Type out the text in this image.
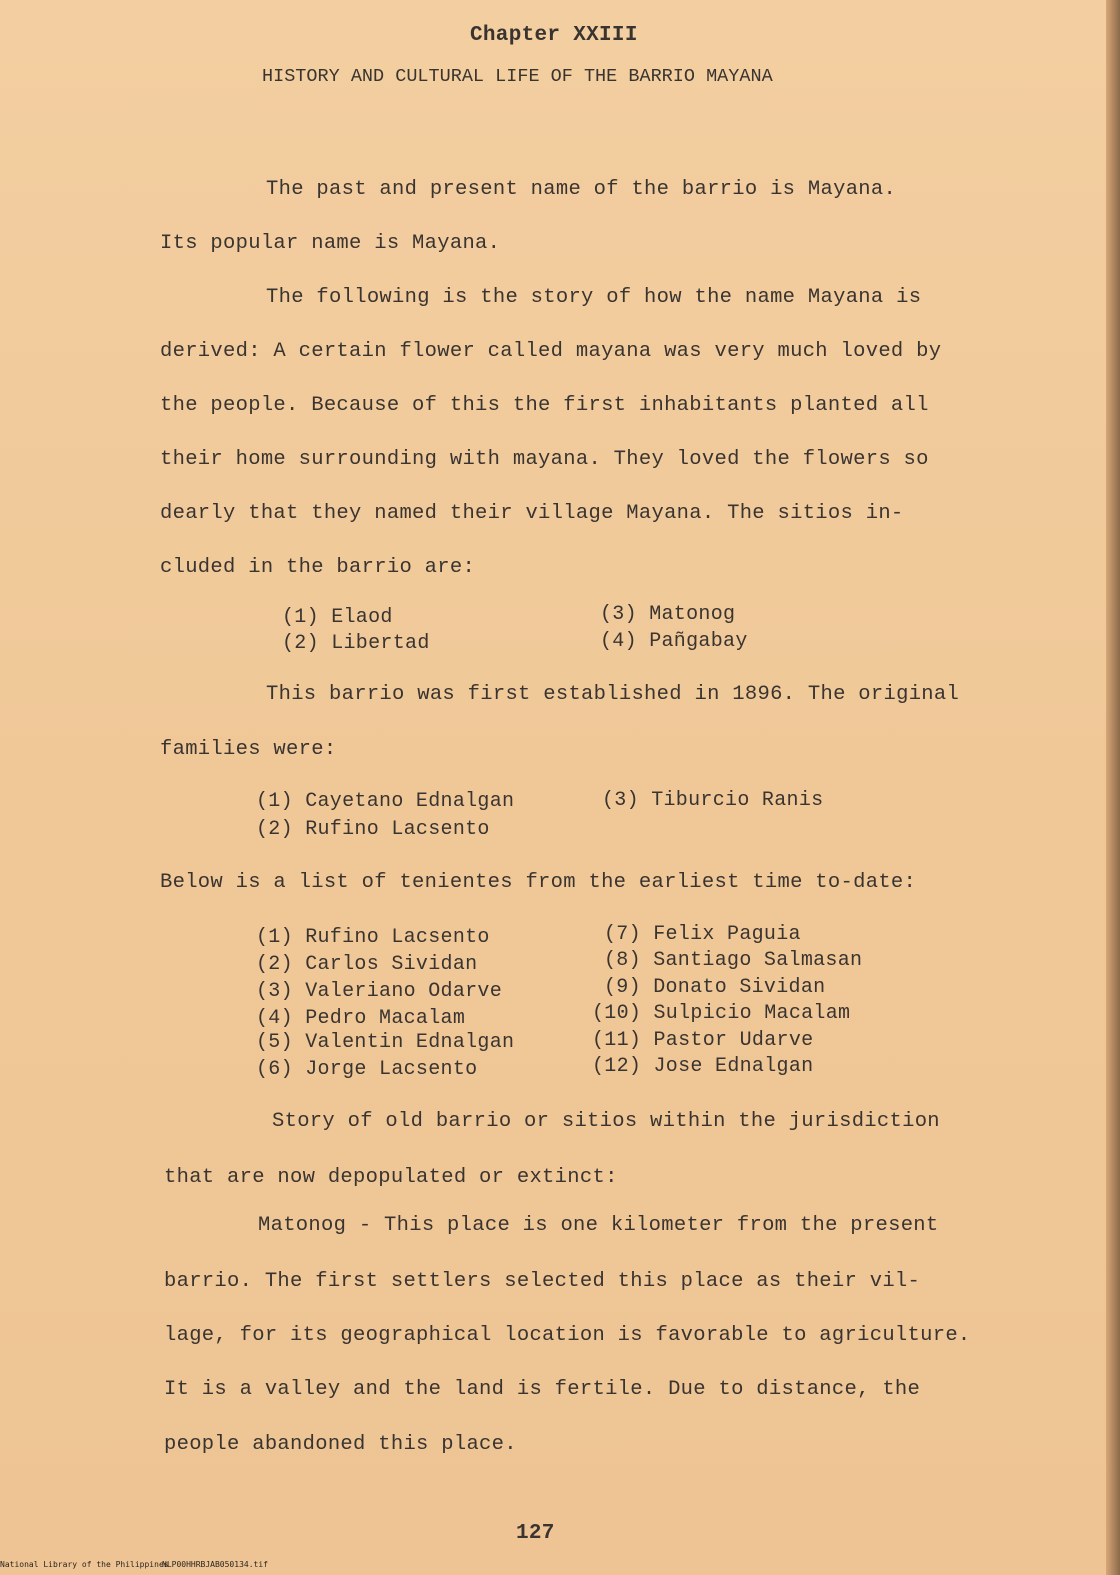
Chapter XXIII
HISTORY AND CULTURAL LIFE OF THE BARRIO MAYANA
The past and present name of the barrio is Mayana.
Its popular name is Mayana.
The following is the story of how the name Mayana is
derived: A certain flower called mayana was very much loved by
the people. Because of this the first inhabitants planted all
their home surrounding with mayana. They loved the flowers so
dearly that they named their village Mayana. The sitios in-
cluded in the barrio are:
(1) Elaod
(2) Libertad
(3) Matonog
(4) Pañgabay
This barrio was first established in 1896. The original
families were:
(1) Cayetano Ednalgan
(2) Rufino Lacsento
(3) Tiburcio Ranis
Below is a list of tenientes from the earliest time to-date:
(1) Rufino Lacsento
(2) Carlos Sividan
(3) Valeriano Odarve
(4) Pedro Macalam
(5) Valentin Ednalgan
(6) Jorge Lacsento
(7) Felix Paguia
(8) Santiago Salmasan
(9) Donato Sividan
(10) Sulpicio Macalam
(11) Pastor Udarve
(12) Jose Ednalgan
Story of old barrio or sitios within the jurisdiction
that are now depopulated or extinct:
Matonog - This place is one kilometer from the present
barrio. The first settlers selected this place as their vil-
lage, for its geographical location is favorable to agriculture.
It is a valley and the land is fertile. Due to distance, the
people abandoned this place.
127
National Library of the Philippines
NLP00HHRBJAB050134.tif
